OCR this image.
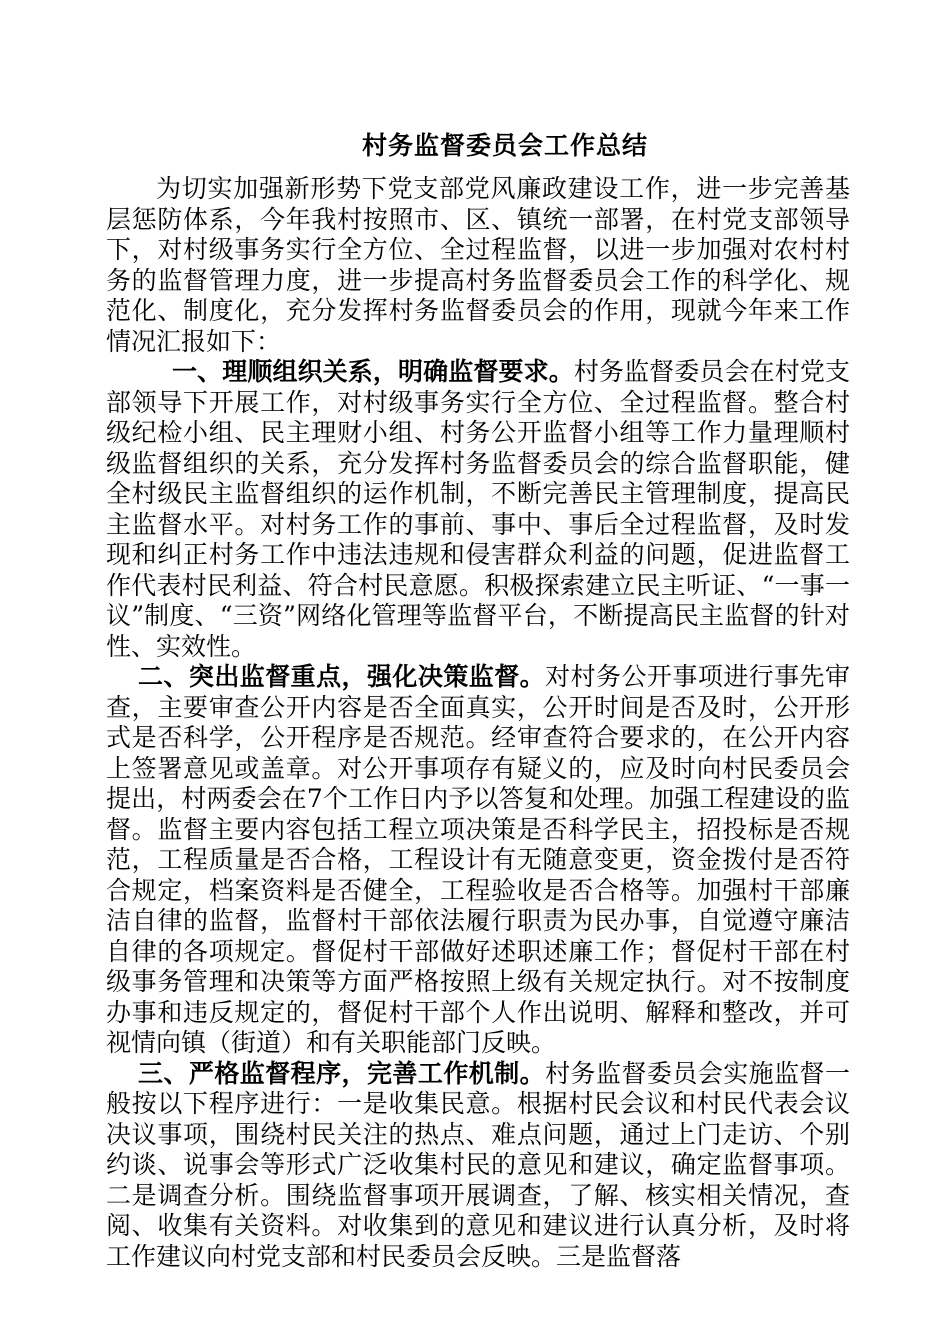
村务监督委员会工作总结

为切实加强新形势下党支部党风廉政建设工作，进一步完善基层惩防体系，今年我村按照市、区、镇统一部署，在村党支部领导下，对村级事务实行全方位、全过程监督，以进一步加强对农村村务的监督管理力度，进一步提高村务监督委员会工作的科学化、规范化、制度化，充分发挥村务监督委员会的作用，现就今年来工作情况汇报如下：

一、理顺组织关系，明确监督要求。村务监督委员会在村党支部领导下开展工作，对村级事务实行全方位、全过程监督。整合村级纪检小组、民主理财小组、村务公开监督小组等工作力量理顺村级监督组织的关系，充分发挥村务监督委员会的综合监督职能，健全村级民主监督组织的运作机制，不断完善民主管理制度，提高民主监督水平。对村务工作的事前、事中、事后全过程监督，及时发现和纠正村务工作中违法违规和侵害群众利益的问题，促进监督工作代表村民利益、符合村民意愿。积极探索建立民主听证、“一事一议”制度、“三资”网络化管理等监督平台，不断提高民主监督的针对性、实效性。

二、突出监督重点，强化决策监督。对村务公开事项进行事先审查，主要审查公开内容是否全面真实，公开时间是否及时，公开形式是否科学，公开程序是否规范。经审查符合要求的，在公开内容上签署意见或盖章。对公开事项存有疑义的，应及时向村民委员会提出，村两委会在7个工作日内予以答复和处理。加强工程建设的监督。监督主要内容包括工程立项决策是否科学民主，招投标是否规范，工程质量是否合格，工程设计有无随意变更，资金拨付是否符合规定，档案资料是否健全，工程验收是否合格等。加强村干部廉洁自律的监督，监督村干部依法履行职责为民办事，自觉遵守廉洁自律的各项规定。督促村干部做好述职述廉工作；督促村干部在村级事务管理和决策等方面严格按照上级有关规定执行。对不按制度办事和违反规定的，督促村干部个人作出说明、解释和整改，并可视情向镇（街道）和有关职能部门反映。

三、严格监督程序，完善工作机制。村务监督委员会实施监督一般按以下程序进行：一是收集民意。根据村民会议和村民代表会议决议事项，围绕村民关注的热点、难点问题，通过上门走访、个别约谈、说事会等形式广泛收集村民的意见和建议，确定监督事项。二是调查分析。围绕监督事项开展调查，了解、核实相关情况，查阅、收集有关资料。对收集到的意见和建议进行认真分析，及时将工作建议向村党支部和村民委员会反映。三是监督落
